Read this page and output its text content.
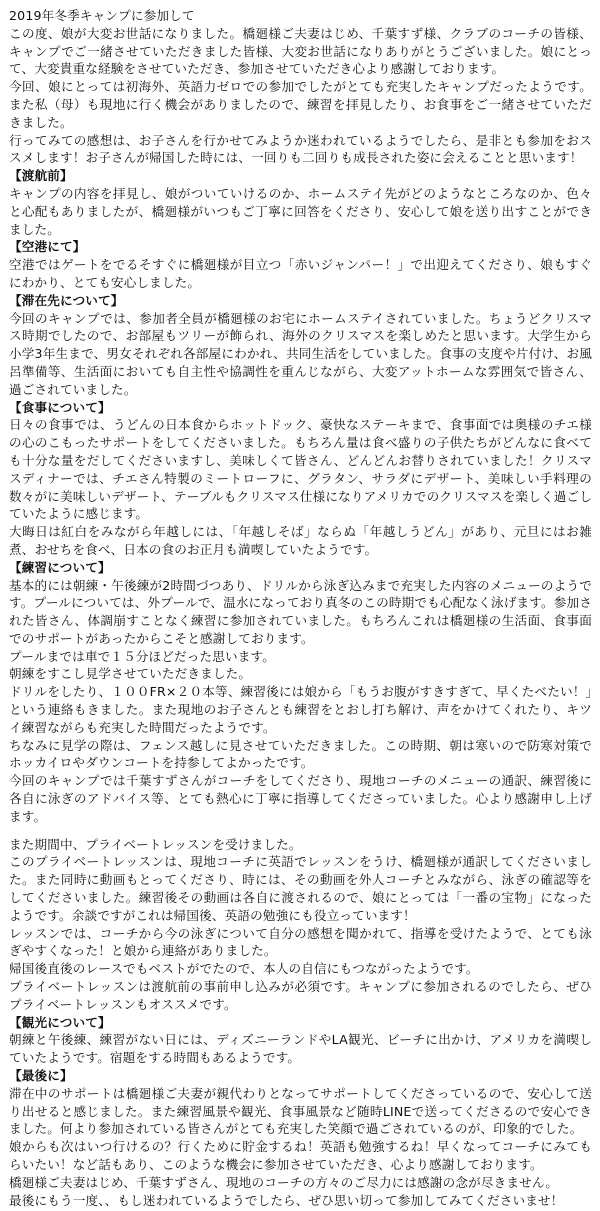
2019年冬季キャンプに参加して

この度、娘が大変お世話になりました。橋廻様ご夫妻はじめ、千葉すず様、クラブのコーチの皆様、キャンプでご一緒させていただきました皆様、大変お世話になりありがとうございました。娘にとって、大変貴重な経験をさせていただき、参加させていただき心より感謝しております。

今回、娘にとっては初海外、英語力ゼロでの参加でしたがとても充実したキャンプだったようです。また私（母）も現地に行く機会がありましたので、練習を拝見したり、お食事をご一緒させていただきました。

行ってみての感想は、お子さんを行かせてみようか迷われているようでしたら、是非とも参加をおススメします！お子さんが帰国した時には、一回りも二回りも成長された姿に会えることと思います！

【渡航前】

キャンプの内容を拝見し、娘がついていけるのか、ホームステイ先がどのようなところなのか、色々と心配もありましたが、橋廻様がいつもご丁寧に回答をくださり、安心して娘を送り出すことができました。

【空港にて】

空港ではゲートをでるそすぐに橋廻様が目立つ「赤いジャンパー！」で出迎えてくださり、娘もすぐにわかり、とても安心しました。

【滞在先について】

今回のキャンプでは、参加者全員が橋廻様のお宅にホームステイされていました。ちょうどクリスマス時期でしたので、お部屋もツリーが飾られ、海外のクリスマスを楽しめたと思います。大学生から小学3年生まで、男女それぞれ各部屋にわかれ、共同生活をしていました。食事の支度や片付け、お風呂準備等、生活面においても自主性や協調性を重んじながら、大変アットホームな雰囲気で皆さん、過ごされていました。

【食事について】

日々の食事では、うどんの日本食からホットドック、豪快なステーキまで、食事面では奥様のチエ様の心のこもったサポートをしてくださいました。もちろん量は食べ盛りの子供たちがどんなに食べても十分な量をだしてくださいますし、美味しくて皆さん、どんどんお替りされていました！クリスマスディナーでは、チエさん特製のミートローフに、グラタン、サラダにデザート、美味しい手料理の数々がに美味しいデザート、テーブルもクリスマス仕様になりアメリカでのクリスマスを楽しく過ごしていたように感じます。

大晦日は紅白をみながら年越しには、「年越しそば」ならぬ「年越しうどん」があり、元旦にはお雑煮、おせちを食べ、日本の食のお正月も満喫していたようです。

【練習について】

基本的には朝練・午後練が2時間づつあり、ドリルから泳ぎ込みまで充実した内容のメニューのようです。プールについては、外プールで、温水になっており真冬のこの時期でも心配なく泳げます。参加された皆さん、体調崩すことなく練習に参加されていました。もちろんこれは橋廻様の生活面、食事面でのサポートがあったからこそと感謝しております。

プールまでは車で１５分ほどだった思います。

朝練をすこし見学させていただきました。

ドリルをしたり、１００FR×２０本等、練習後には娘から「もうお腹がすきすぎて、早くたべたい！」という連絡もきました。また現地のお子さんとも練習をとおし打ち解け、声をかけてくれたり、キツイ練習ながらも充実した時間だったようです。

ちなみに見学の際は、フェンス越しに見させていただきました。この時期、朝は寒いので防寒対策でホッカイロやダウンコートを持参してよかったです。

今回のキャンプでは千葉すずさんがコーチをしてくださり、現地コーチのメニューの通訳、練習後に各自に泳ぎのアドバイス等、とても熱心に丁寧に指導してくださっていました。心より感謝申し上げます。

また期間中、プライベートレッスンを受けました。

このプライベートレッスンは、現地コーチに英語でレッスンをうけ、橋廻様が通訳してくださいました。また同時に動画もとってくださり、時には、その動画を外人コーチとみながら、泳ぎの確認等をしてくださいました。練習後その動画は各自に渡されるので、娘にとっては「一番の宝物」になったようです。余談ですがこれは帰国後、英語の勉強にも役立っています！

レッスンでは、コーチから今の泳ぎについて自分の感想を聞かれて、指導を受けたようで、とても泳ぎやすくなった！と娘から連絡がありました。

帰国後直後のレースでもベストがでたので、本人の自信にもつながったようです。

プライベートレッスンは渡航前の事前申し込みが必須です。キャンプに参加されるのでしたら、ぜひプライベートレッスンもオススメです。

【観光について】

朝練と午後練、練習がない日には、ディズニーランドやLA観光、ビーチに出かけ、アメリカを満喫していたようです。宿題をする時間もあるようです。

【最後に】

滞在中のサポートは橋廻様ご夫妻が親代わりとなってサポートしてくださっているので、安心して送り出せると感じました。また練習風景や観光、食事風景など随時LINEで送ってくださるので安心できました。何より参加されている皆さんがとても充実した笑顔で過ごされているのが、印象的でした。

娘からも次はいつ行けるの？行くために貯金するね！英語も勉強するね！早くなってコーチにみてもらいたい！など話もあり、このような機会に参加させていただき、心より感謝しております。

橋廻様ご夫妻はじめ、千葉すずさん、現地のコーチの方々のご尽力には感謝の念が尽きません。

最後にもう一度、、もし迷われているようでしたら、ぜひ思い切って参加してみてくださいませ！
